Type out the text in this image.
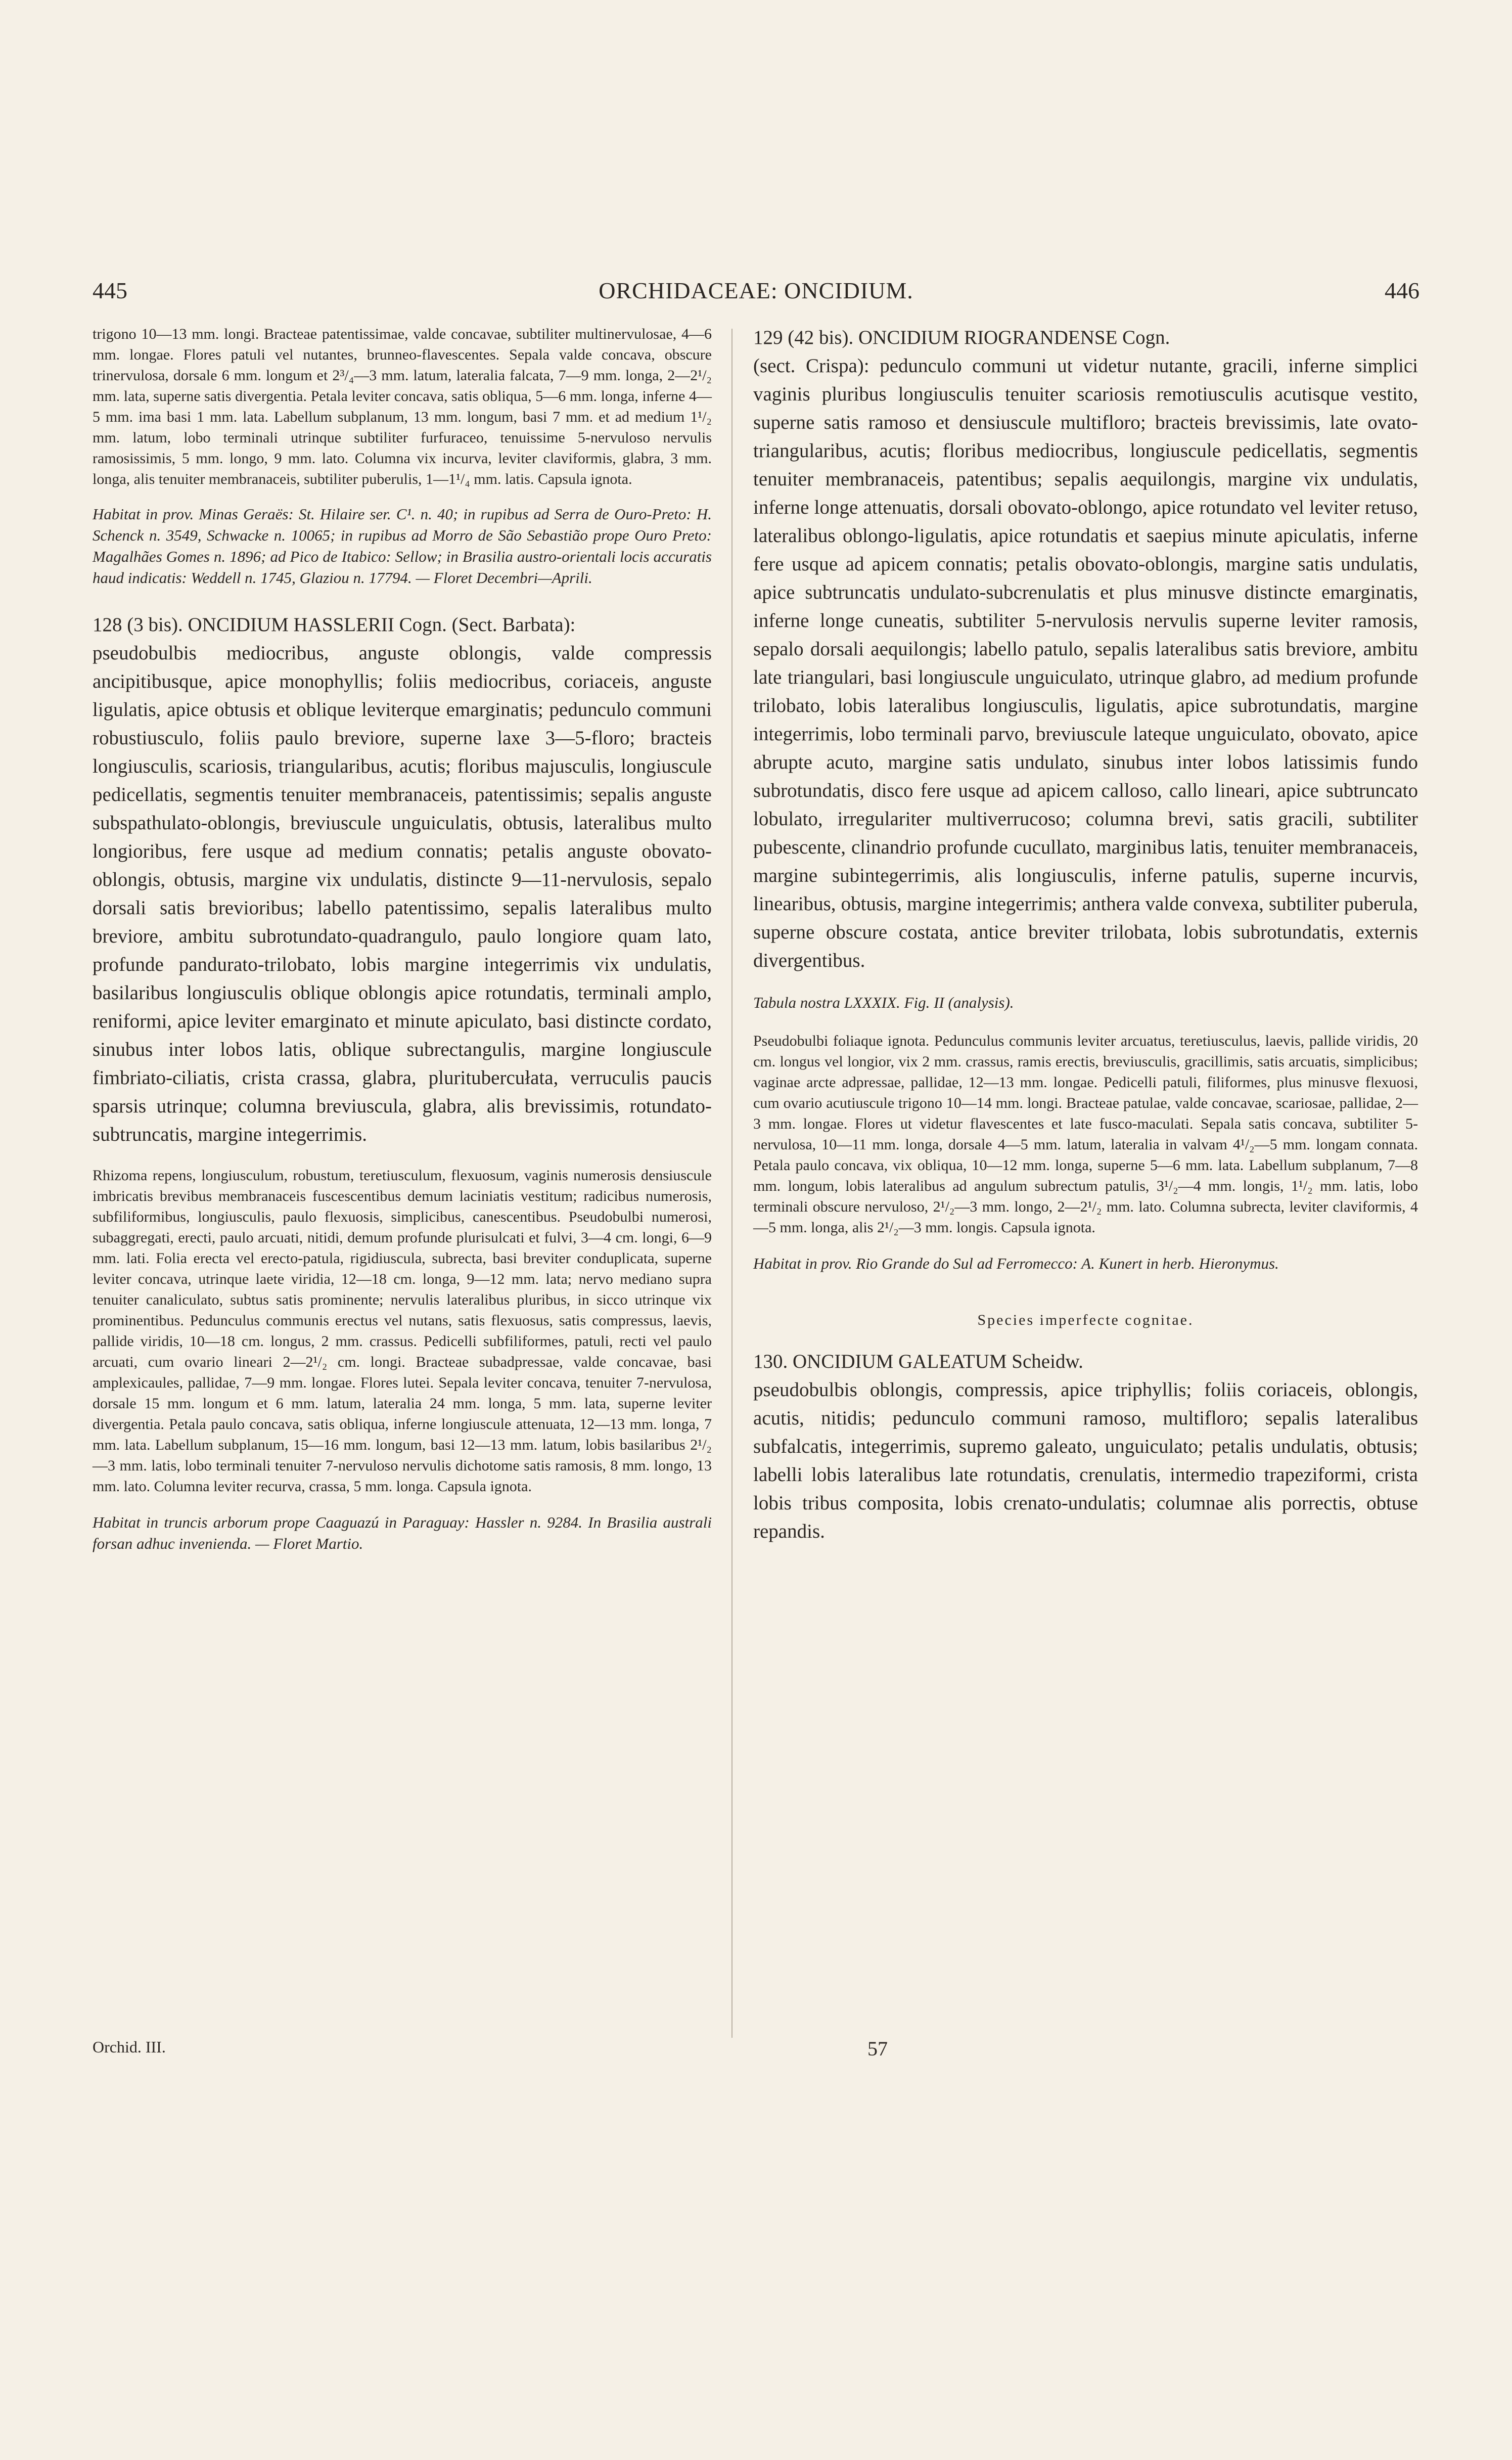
445	ORCHIDACEAE: ONCIDIUM.	446

trigono 10—13 mm. longi. Bracteae patentissimae, valde concavae, subtiliter multinervulosae, 4—6 mm. longae. Flores patuli vel nutantes, brunneo-flavescentes. Sepala valde concava, obscure trinervulosa, dorsale 6 mm. longum et 2³/₄—3 mm. latum, lateralia falcata, 7—9 mm. longa, 2—2¹/₂ mm. lata, superne satis divergentia. Petala leviter concava, satis obliqua, 5—6 mm. longa, inferne 4—5 mm. ima basi 1 mm. lata. Labellum subplanum, 13 mm. longum, basi 7 mm. et ad medium 1¹/₂ mm. latum, lobo terminali utrinque subtiliter furfuraceo, tenuissime 5-nervuloso nervulis ramosissimis, 5 mm. longo, 9 mm. lato. Columna vix incurva, leviter claviformis, glabra, 3 mm. longa, alis tenuiter membranaceis, subtiliter puberulis, 1—1¹/₄ mm. latis. Capsula ignota.

Habitat in prov. Minas Geraës: St. Hilaire ser. C¹. n. 40; in rupibus ad Serra de Ouro-Preto: H. Schenck n. 3549, Schwacke n. 10065; in rupibus ad Morro de São Sebastião prope Ouro Preto: Magalhães Gomes n. 1896; ad Pico de Itabico: Sellow; in Brasilia austro-orientali locis accuratis haud indicatis: Weddell n. 1745, Glaziou n. 17794. — Floret Decembri—Aprili.

128 (3 bis). ONCIDIUM HASSLERII Cogn. (Sect. Barbata):

pseudobulbis mediocribus, anguste oblongis, valde compressis ancipitibusque, apice monophyllis; foliis mediocribus, coriaceis, anguste ligulatis, apice obtusis et oblique leviterque emarginatis; pedunculo communi robustiusculo, foliis paulo breviore, superne laxe 3—5-floro; bracteis longiusculis, scariosis, triangularibus, acutis; floribus majusculis, longiuscule pedicellatis, segmentis tenuiter membranaceis, patentissimis; sepalis anguste subspathulato-oblongis, breviuscule unguiculatis, obtusis, lateralibus multo longioribus, fere usque ad medium connatis; petalis anguste obovato-oblongis, obtusis, margine vix undulatis, distincte 9—11-nervulosis, sepalo dorsali satis brevioribus; labello patentissimo, sepalis lateralibus multo breviore, ambitu subrotundato-quadrangulo, paulo longiore quam lato, profunde pandurato-trilobato, lobis margine integerrimis vix undulatis, basilaribus longiusculis oblique oblongis apice rotundatis, terminali amplo, reniformi, apice leviter emarginato et minute apiculato, basi distincte cordato, sinubus inter lobos latis, oblique subrectangulis, margine longiuscule fimbriato-ciliatis, crista crassa, glabra, pluritubercułata, verruculis paucis sparsis utrinque; columna breviuscula, glabra, alis brevissimis, rotundato-subtruncatis, margine integerrimis.

Rhizoma repens, longiusculum, robustum, teretiusculum, flexuosum, vaginis numerosis densiuscule imbricatis brevibus membranaceis fuscescentibus demum laciniatis vestitum; radicibus numerosis, subfiliformibus, longiusculis, paulo flexuosis, simplicibus, canescentibus. Pseudobulbi numerosi, subaggregati, erecti, paulo arcuati, nitidi, demum profunde plurisulcati et fulvi, 3—4 cm. longi, 6—9 mm. lati. Folia erecta vel erecto-patula, rigidiuscula, subrecta, basi breviter conduplicata, superne leviter concava, utrinque laete viridia, 12—18 cm. longa, 9—12 mm. lata; nervo mediano supra tenuiter canaliculato, subtus satis prominente; nervulis lateralibus pluribus, in sicco utrinque vix prominentibus. Pedunculus communis erectus vel nutans, satis flexuosus, satis compressus, laevis, pallide viridis, 10—18 cm. longus, 2 mm. crassus. Pedicelli subfiliformes, patuli, recti vel paulo arcuati, cum ovario lineari 2—2¹/₂ cm. longi. Bracteae subadpressae, valde concavae, basi amplexicaules, pallidae, 7—9 mm. longae. Flores lutei. Sepala leviter concava, tenuiter 7-nervulosa, dorsale 15 mm. longum et 6 mm. latum, lateralia 24 mm. longa, 5 mm. lata, superne leviter divergentia. Petala paulo concava, satis obliqua, inferne longiuscule attenuata, 12—13 mm. longa, 7 mm. lata. Labellum subplanum, 15—16 mm. longum, basi 12—13 mm. latum, lobis basilaribus 2¹/₂—3 mm. latis, lobo terminali tenuiter 7-nervuloso nervulis dichotome satis ramosis, 8 mm. longo, 13 mm. lato. Columna leviter recurva, crassa, 5 mm. longa. Capsula ignota.

Habitat in truncis arborum prope Caaguazú in Paraguay: Hassler n. 9284. In Brasilia australi forsan adhuc invenienda. — Floret Martio.

129 (42 bis). ONCIDIUM RIOGRANDENSE Cogn.

(sect. Crispa): pedunculo communi ut videtur nutante, gracili, inferne simplici vaginis pluribus longiusculis tenuiter scariosis remotiusculis acutisque vestito, superne satis ramoso et densiuscule multifloro; bracteis brevissimis, late ovato-triangularibus, acutis; floribus mediocribus, longiuscule pedicellatis, segmentis tenuiter membranaceis, patentibus; sepalis aequilongis, margine vix undulatis, inferne longe attenuatis, dorsali obovato-oblongo, apice rotundato vel leviter retuso, lateralibus oblongo-ligulatis, apice rotundatis et saepius minute apiculatis, inferne fere usque ad apicem connatis; petalis obovato-oblongis, margine satis undulatis, apice subtruncatis undulato-subcrenulatis et plus minusve distincte emarginatis, inferne longe cuneatis, subtiliter 5-nervulosis nervulis superne leviter ramosis, sepalo dorsali aequilongis; labello patulo, sepalis lateralibus satis breviore, ambitu late triangulari, basi longiuscule unguiculato, utrinque glabro, ad medium profunde trilobato, lobis lateralibus longiusculis, ligulatis, apice subrotundatis, margine integerrimis, lobo terminali parvo, breviuscule lateque unguiculato, obovato, apice abrupte acuto, margine satis undulato, sinubus inter lobos latissimis fundo subrotundatis, disco fere usque ad apicem calloso, callo lineari, apice subtruncato lobulato, irregulariter multiverrucoso; columna brevi, satis gracili, subtiliter pubescente, clinandrio profunde cucullato, marginibus latis, tenuiter membranaceis, margine subintegerrimis, alis longiusculis, inferne patulis, superne incurvis, linearibus, obtusis, margine integerrimis; anthera valde convexa, subtiliter puberula, superne obscure costata, antice breviter trilobata, lobis subrotundatis, externis divergentibus.

Tabula nostra LXXXIX. Fig. II (analysis).

Pseudobulbi foliaque ignota. Pedunculus communis leviter arcuatus, teretiusculus, laevis, pallide viridis, 20 cm. longus vel longior, vix 2 mm. crassus, ramis erectis, breviusculis, gracillimis, satis arcuatis, simplicibus; vaginae arcte adpressae, pallidae, 12—13 mm. longae. Pedicelli patuli, filiformes, plus minusve flexuosi, cum ovario acutiuscule trigono 10—14 mm. longi. Bracteae patulae, valde concavae, scariosae, pallidae, 2—3 mm. longae. Flores ut videtur flavescentes et late fusco-maculati. Sepala satis concava, subtiliter 5-nervulosa, 10—11 mm. longa, dorsale 4—5 mm. latum, lateralia in valvam 4¹/₂—5 mm. longam connata. Petala paulo concava, vix obliqua, 10—12 mm. longa, superne 5—6 mm. lata. Labellum subplanum, 7—8 mm. longum, lobis lateralibus ad angulum subrectum patulis, 3¹/₂—4 mm. longis, 1¹/₂ mm. latis, lobo terminali obscure nervuloso, 2¹/₂—3 mm. longo, 2—2¹/₂ mm. lato. Columna subrecta, leviter claviformis, 4—5 mm. longa, alis 2¹/₂—3 mm. longis. Capsula ignota.

Habitat in prov. Rio Grande do Sul ad Ferromecco: A. Kunert in herb. Hieronymus.

Species imperfecte cognitae.

130. ONCIDIUM GALEATUM Scheidw.

pseudobulbis oblongis, compressis, apice triphyllis; foliis coriaceis, oblongis, acutis, nitidis; pedunculo communi ramoso, multifloro; sepalis lateralibus subfalcatis, integerrimis, supremo galeato, unguiculato; petalis undulatis, obtusis; labelli lobis lateralibus late rotundatis, crenulatis, intermedio trapeziformi, crista lobis tribus composita, lobis crenato-undulatis; columnae alis porrectis, obtuse repandis.

Orchid. III.	57
